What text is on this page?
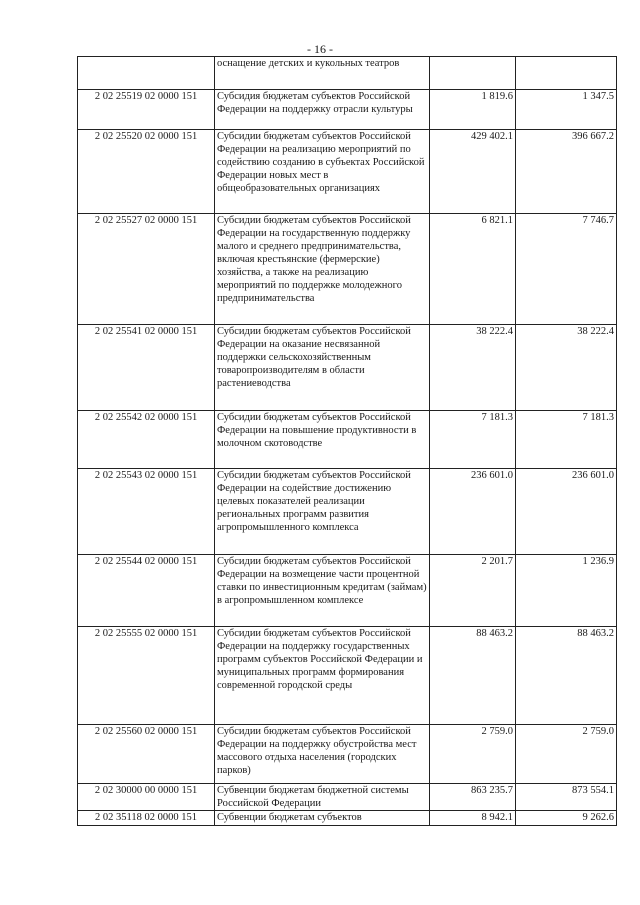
- 16 -
	оснащение детских и кукольных театров		
2 02 25519 02 0000 151	Субсидия бюджетам субъектов Российской Федерации на поддержку отрасли культуры	1 819.6	1 347.5
2 02 25520 02 0000 151	Субсидии бюджетам субъектов Российской Федерации на реализацию мероприятий по содействию созданию в субъектах Российской Федерации новых мест в общеобразовательных организациях	429 402.1	396 667.2
2 02 25527 02 0000 151	Субсидии бюджетам субъектов Российской Федерации на государственную поддержку малого и среднего предпринимательства, включая крестьянские (фермерские) хозяйства, а также на реализацию мероприятий по поддержке молодежного предпринимательства	6 821.1	7 746.7
2 02 25541 02 0000 151	Субсидии бюджетам субъектов Российской Федерации на оказание несвязанной поддержки сельскохозяйственным товаропроизводителям в области растениеводства	38 222.4	38 222.4
2 02 25542 02 0000 151	Субсидии бюджетам субъектов Российской Федерации на повышение продуктивности в молочном скотоводстве	7 181.3	7 181.3
2 02 25543 02 0000 151	Субсидии бюджетам субъектов Российской Федерации на содействие достижению целевых показателей реализации региональных программ развития агропромышленного комплекса	236 601.0	236 601.0
2 02 25544 02 0000 151	Субсидии бюджетам субъектов Российской Федерации на возмещение части процентной ставки по инвестиционным кредитам (займам) в агропромышленном комплексе	2 201.7	1 236.9
2 02 25555 02 0000 151	Субсидии бюджетам субъектов Российской Федерации на поддержку государственных программ субъектов Российской Федерации и муниципальных программ формирования современной городской среды	88 463.2	88 463.2
2 02 25560 02 0000 151	Субсидии бюджетам субъектов Российской Федерации на поддержку обустройства мест массового отдыха населения (городских парков)	2 759.0	2 759.0
2 02 30000 00 0000 151	Субвенции бюджетам бюджетной системы Российской Федерации	863 235.7	873 554.1
2 02 35118 02 0000 151	Субвенции бюджетам субъектов	8 942.1	9 262.6
